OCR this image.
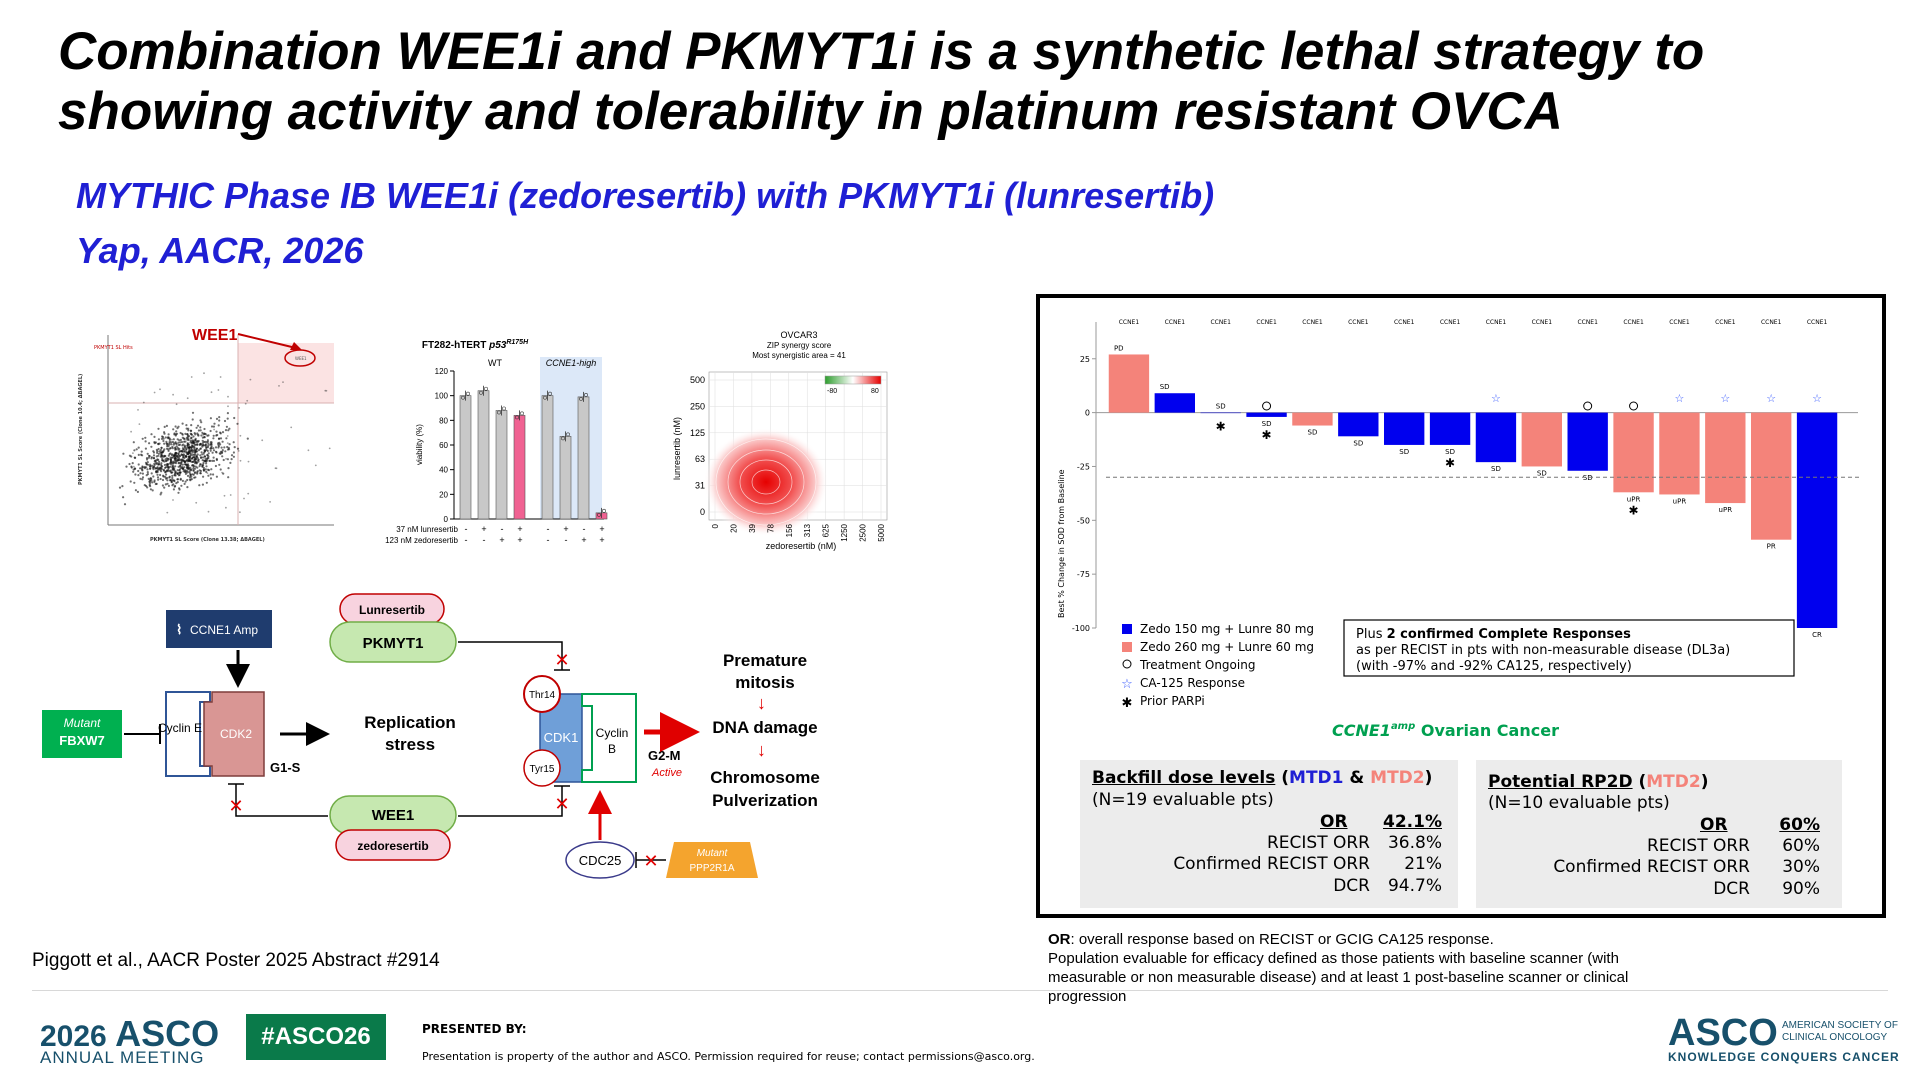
Combination WEE1i and PKMYT1i is a synthetic lethal strategy to showing activity and tolerability in platinum resistant OVCA
MYTHIC Phase IB WEE1i (zedoresertib) with PKMYT1i (lunresertib)
Yap, AACR, 2026
WEE1
PKMYT1 SL Hits
PKMYT1 SL Score (Clone 13.38; ΔBAGEL)
PKMYT1 SL Score (Clone 10.4; ΔBAGEL)
WEE1
FT282-hTERT $p53^{R175H}$
WT	CCNE1-high
0
20
40
60
80
100
120
viability (%)
37 nM lunresertib
123 nM zedoresertib
-
-
+
-
-
+
+
+
-
-
+
-
-
+
+
+
OVCAR3
ZIP synergy score
Most synergistic area = 41
-80	80
0
31
63
125
250
500
0 20 39 78 156 313 625 1250 2500 5000
lunresertib (nM)
zedoresertib (nM)
⌇ CCNE1 Amp
Mutant
FBXW7
Cyclin E CDK2
G1-S
Lunresertib
PKMYT1
✕
WEE1
zedoresertib
✕	✕
CDK1
Thr14
Tyr15
G2-M
Active
CDC25 ✕	Mutant
PPP2R1A
Replication stress
Cyclin B
Premature mitosis
↓
DNA damage
↓
Chromosome Pulverization
Piggott et al., AACR Poster 2025 Abstract #2914
25
0
-25
-50
-75
-100
CCNE1	CCNE1	CCNE1	CCNE1	CCNE1	CCNE1	CCNE1	CCNE1	CCNE1	CCNE1	CCNE1	CCNE1	CCNE1	CCNE1	CCNE1	CCNE1
PD
SD
SD
SD
SD
SD
SD	SD
SD
SD
SD
uPR	uPR
uPR
PR
CR
✱
✱
✱
☆
✱
☆	☆	☆	☆
Best % Change in SOD from Baseline
Zedo 150 mg + Lunre 80 mg
Zedo 260 mg + Lunre 60 mg
Treatment Ongoing
☆ CA-125 Response
✱ Prior PARPi
Plus 2 confirmed Complete Responses
as per RECIST in pts with non-measurable disease (DL3a)
(with -97% and -92% CA125, respectively)
$CCNE1^{amp}$ Ovarian Cancer
Backfill dose levels (MTD1 & MTD2)
(N=19 evaluable pts)
OR 42.1%
RECIST ORR	36.8%
Confirmed RECIST ORR	21%
DCR	94.7%
Potential RP2D (MTD2)
(N=10 evaluable pts)
OR	60%
RECIST ORR	60%
Confirmed RECIST ORR	30%
DCR	90%
OR: overall response based on RECIST or GCIG CA125 response.
Population evaluable for efficacy defined as those patients with baseline scanner (with measurable or non measurable disease) and at least 1 post-baseline scanner or clinical progression
2026 ASCO
ANNUAL MEETING
#ASCO26	PRESENTED BY:
Presentation is property of the author and ASCO. Permission required for reuse; contact permissions@asco.org.
ASCO AMERICAN SOCIETY OF
CLINICAL ONCOLOGY
KNOWLEDGE CONQUERS CANCER
